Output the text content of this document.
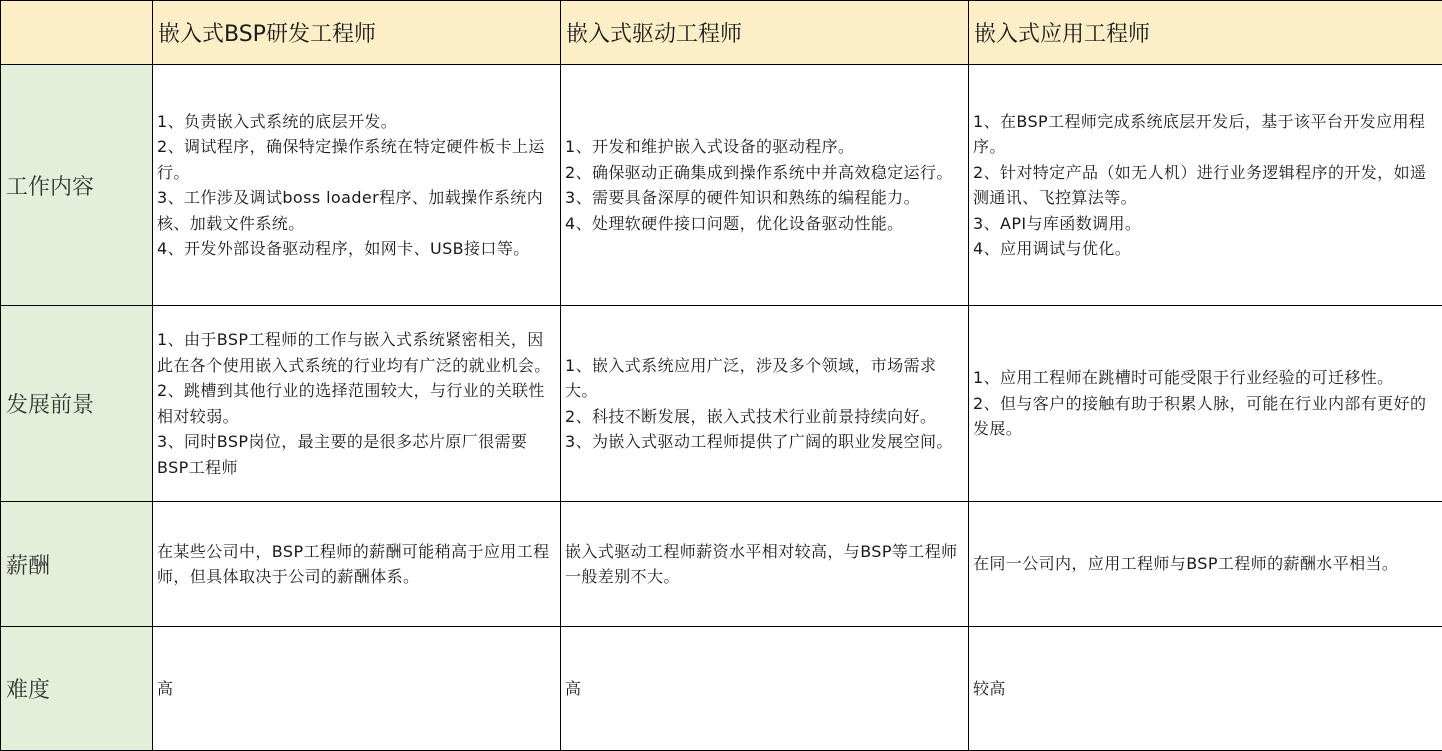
	嵌入式BSP研发工程师	嵌入式驱动工程师	嵌入式应用工程师
工作内容	1、负责嵌入式系统的底层开发。
2、调试程序，确保特定操作系统在特定硬件板卡上运行。
3、工作涉及调试boss loader程序、加载操作系统内核、加载文件系统。
4、开发外部设备驱动程序，如网卡、USB接口等。	1、开发和维护嵌入式设备的驱动程序。
2、确保驱动正确集成到操作系统中并高效稳定运行。
3、需要具备深厚的硬件知识和熟练的编程能力。
4、处理软硬件接口问题，优化设备驱动性能。	1、在BSP工程师完成系统底层开发后，基于该平台开发应用程序。
2、针对特定产品（如无人机）进行业务逻辑程序的开发，如遥测通讯、飞控算法等。
3、API与库函数调用。
4、应用调试与优化。

发展前景	1、由于BSP工程师的工作与嵌入式系统紧密相关，因此在各个使用嵌入式系统的行业均有广泛的就业机会。
2、跳槽到其他行业的选择范围较大，与行业的关联性相对较弱。
3、同时BSP岗位，最主要的是很多芯片原厂很需要BSP工程师	1、嵌入式系统应用广泛，涉及多个领域，市场需求大。
2、科技不断发展，嵌入式技术行业前景持续向好。
3、为嵌入式驱动工程师提供了广阔的职业发展空间。	1、应用工程师在跳槽时可能受限于行业经验的可迁移性。
2、但与客户的接触有助于积累人脉，可能在行业内部有更好的发展。

薪酬	在某些公司中，BSP工程师的薪酬可能稍高于应用工程师，但具体取决于公司的薪酬体系。	嵌入式驱动工程师薪资水平相对较高，与BSP等工程师一般差别不大。	在同一公司内，应用工程师与BSP工程师的薪酬水平相当。

难度	高	高	较高
